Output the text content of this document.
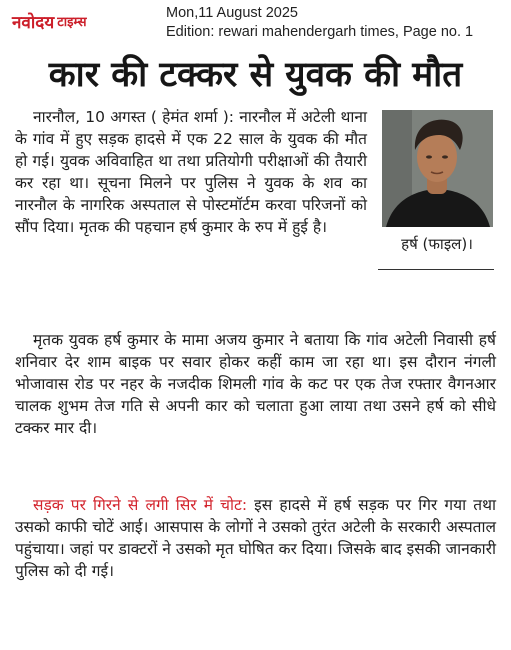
नवोदय टाइम्स
Mon,11 August 2025
Edition: rewari mahendergarh times, Page no. 1
कार की टक्कर से युवक की मौत
नारनौल, 10 अगस्त ( हेमंत शर्मा ): नारनौल में अटेली थाना के गांव में हुए सड़क हादसे में एक 22 साल के युवक की मौत हो गई। युवक अविवाहित था तथा प्रतियोगी परीक्षाओं की तैयारी कर रहा था। सूचना मिलने पर पुलिस ने युवक के शव का नारनौल के नागरिक अस्पताल से पोस्टमॉर्टम करवा परिजनों को सौंप दिया। मृतक की पहचान हर्ष कुमार के रुप में हुई है।
हर्ष (फाइल)।
मृतक युवक हर्ष कुमार के मामा अजय कुमार ने बताया कि गांव अटेली निवासी हर्ष शनिवार देर शाम बाइक पर सवार होकर कहीं काम जा रहा था। इस दौरान नंगली भोजावास रोड पर नहर के नजदीक शिमली गांव के कट पर एक तेज रफ्तार वैगनआर चालक शुभम तेज गति से अपनी कार को चलाता हुआ लाया तथा उसने हर्ष को सीधे टक्कर मार दी।
सड़क पर गिरने से लगी सिर में चोट: इस हादसे में हर्ष सड़क पर गिर गया तथा उसको काफी चोटें आई। आसपास के लोगों ने उसको तुरंत अटेली के सरकारी अस्पताल पहुंचाया। जहां पर डाक्टरों ने उसको मृत घोषित कर दिया। जिसके बाद इसकी जानकारी पुलिस को दी गई।
